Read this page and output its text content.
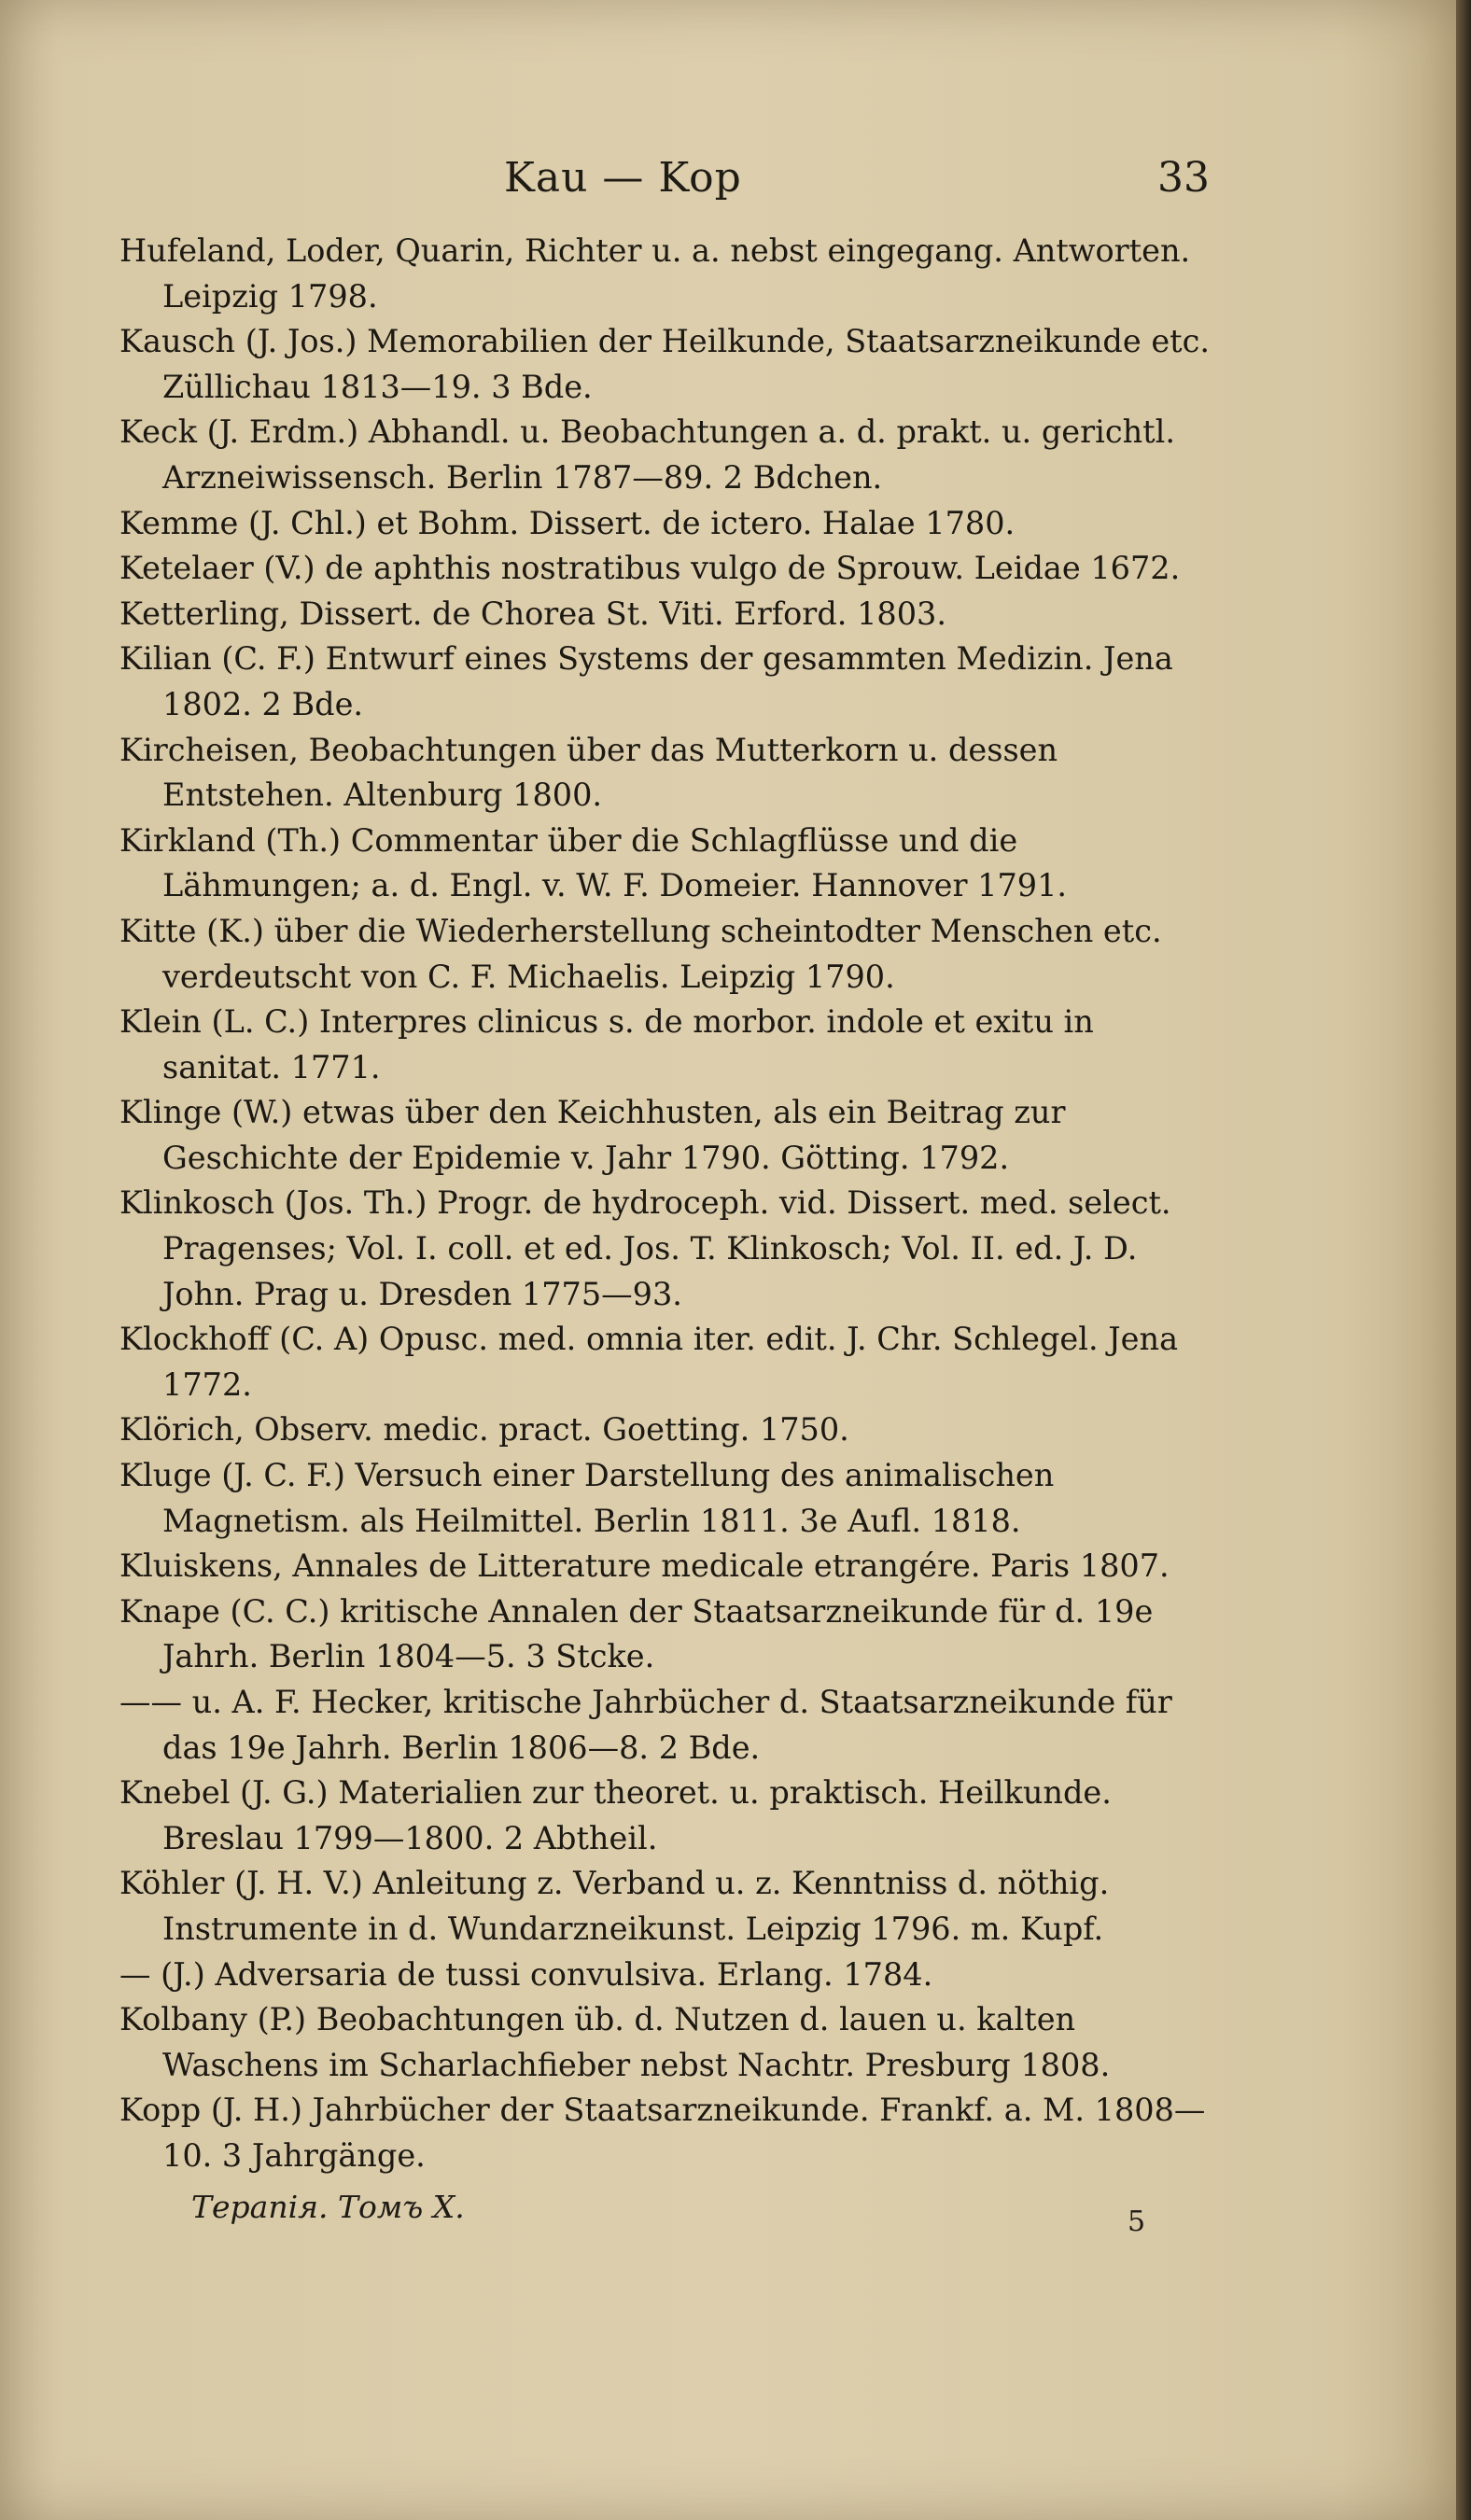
Kau — Kop	33
Hufeland, Loder, Quarin, Richter u. a. nebst eingegang. Antworten. Leipzig 1798.
Kausch (J. Jos.) Memorabilien der Heilkunde, Staatsarzneikunde etc. Züllichau 1813—19. 3 Bde.
Keck (J. Erdm.) Abhandl. u. Beobachtungen a. d. prakt. u. gerichtl. Arzneiwissensch. Berlin 1787—89. 2 Bdchen.
Kemme (J. Chl.) et Bohm. Dissert. de ictero. Halae 1780.
Ketelaer (V.) de aphthis nostratibus vulgo de Sprouw. Leidae 1672.
Ketterling, Dissert. de Chorea St. Viti. Erford. 1803.
Kilian (C. F.) Entwurf eines Systems der gesammten Medizin. Jena 1802. 2 Bde.
Kircheisen, Beobachtungen über das Mutterkorn u. dessen Entstehen. Altenburg 1800.
Kirkland (Th.) Commentar über die Schlagflüsse und die Lähmungen; a. d. Engl. v. W. F. Domeier. Hannover 1791.
Kitte (K.) über die Wiederherstellung scheintodter Menschen etc. verdeutscht von C. F. Michaelis. Leipzig 1790.
Klein (L. C.) Interpres clinicus s. de morbor. indole et exitu in sanitat. 1771.
Klinge (W.) etwas über den Keichhusten, als ein Beitrag zur Geschichte der Epidemie v. Jahr 1790. Götting. 1792.
Klinkosch (Jos. Th.) Progr. de hydroceph. vid. Dissert. med. select. Pragenses; Vol. I. coll. et ed. Jos. T. Klinkosch; Vol. II. ed. J. D. John. Prag u. Dresden 1775—93.
Klockhoff (C. A) Opusc. med. omnia iter. edit. J. Chr. Schlegel. Jena 1772.
Klörich, Observ. medic. pract. Goetting. 1750.
Kluge (J. C. F.) Versuch einer Darstellung des animalischen Magnetism. als Heilmittel. Berlin 1811. 3e Aufl. 1818.
Kluiskens, Annales de Litterature medicale etrangére. Paris 1807.
Knape (C. C.) kritische Annalen der Staatsarzneikunde für d. 19e Jahrh. Berlin 1804—5. 3 Stcke.
—— u. A. F. Hecker, kritische Jahrbücher d. Staatsarzneikunde für das 19e Jahrh. Berlin 1806—8. 2 Bde.
Knebel (J. G.) Materialien zur theoret. u. praktisch. Heilkunde. Breslau 1799—1800. 2 Abtheil.
Köhler (J. H. V.) Anleitung z. Verband u. z. Kenntniss d. nöthig. Instrumente in d. Wundarzneikunst. Leipzig 1796. m. Kupf.
— (J.) Adversaria de tussi convulsiva. Erlang. 1784.
Kolbany (P.) Beobachtungen üb. d. Nutzen d. lauen u. kalten Waschens im Scharlachfieber nebst Nachtr. Presburg 1808.
Kopp (J. H.) Jahrbücher der Staatsarzneikunde. Frankf. a. M. 1808—10. 3 Jahrgänge.
Терапія. Томъ X.	5
